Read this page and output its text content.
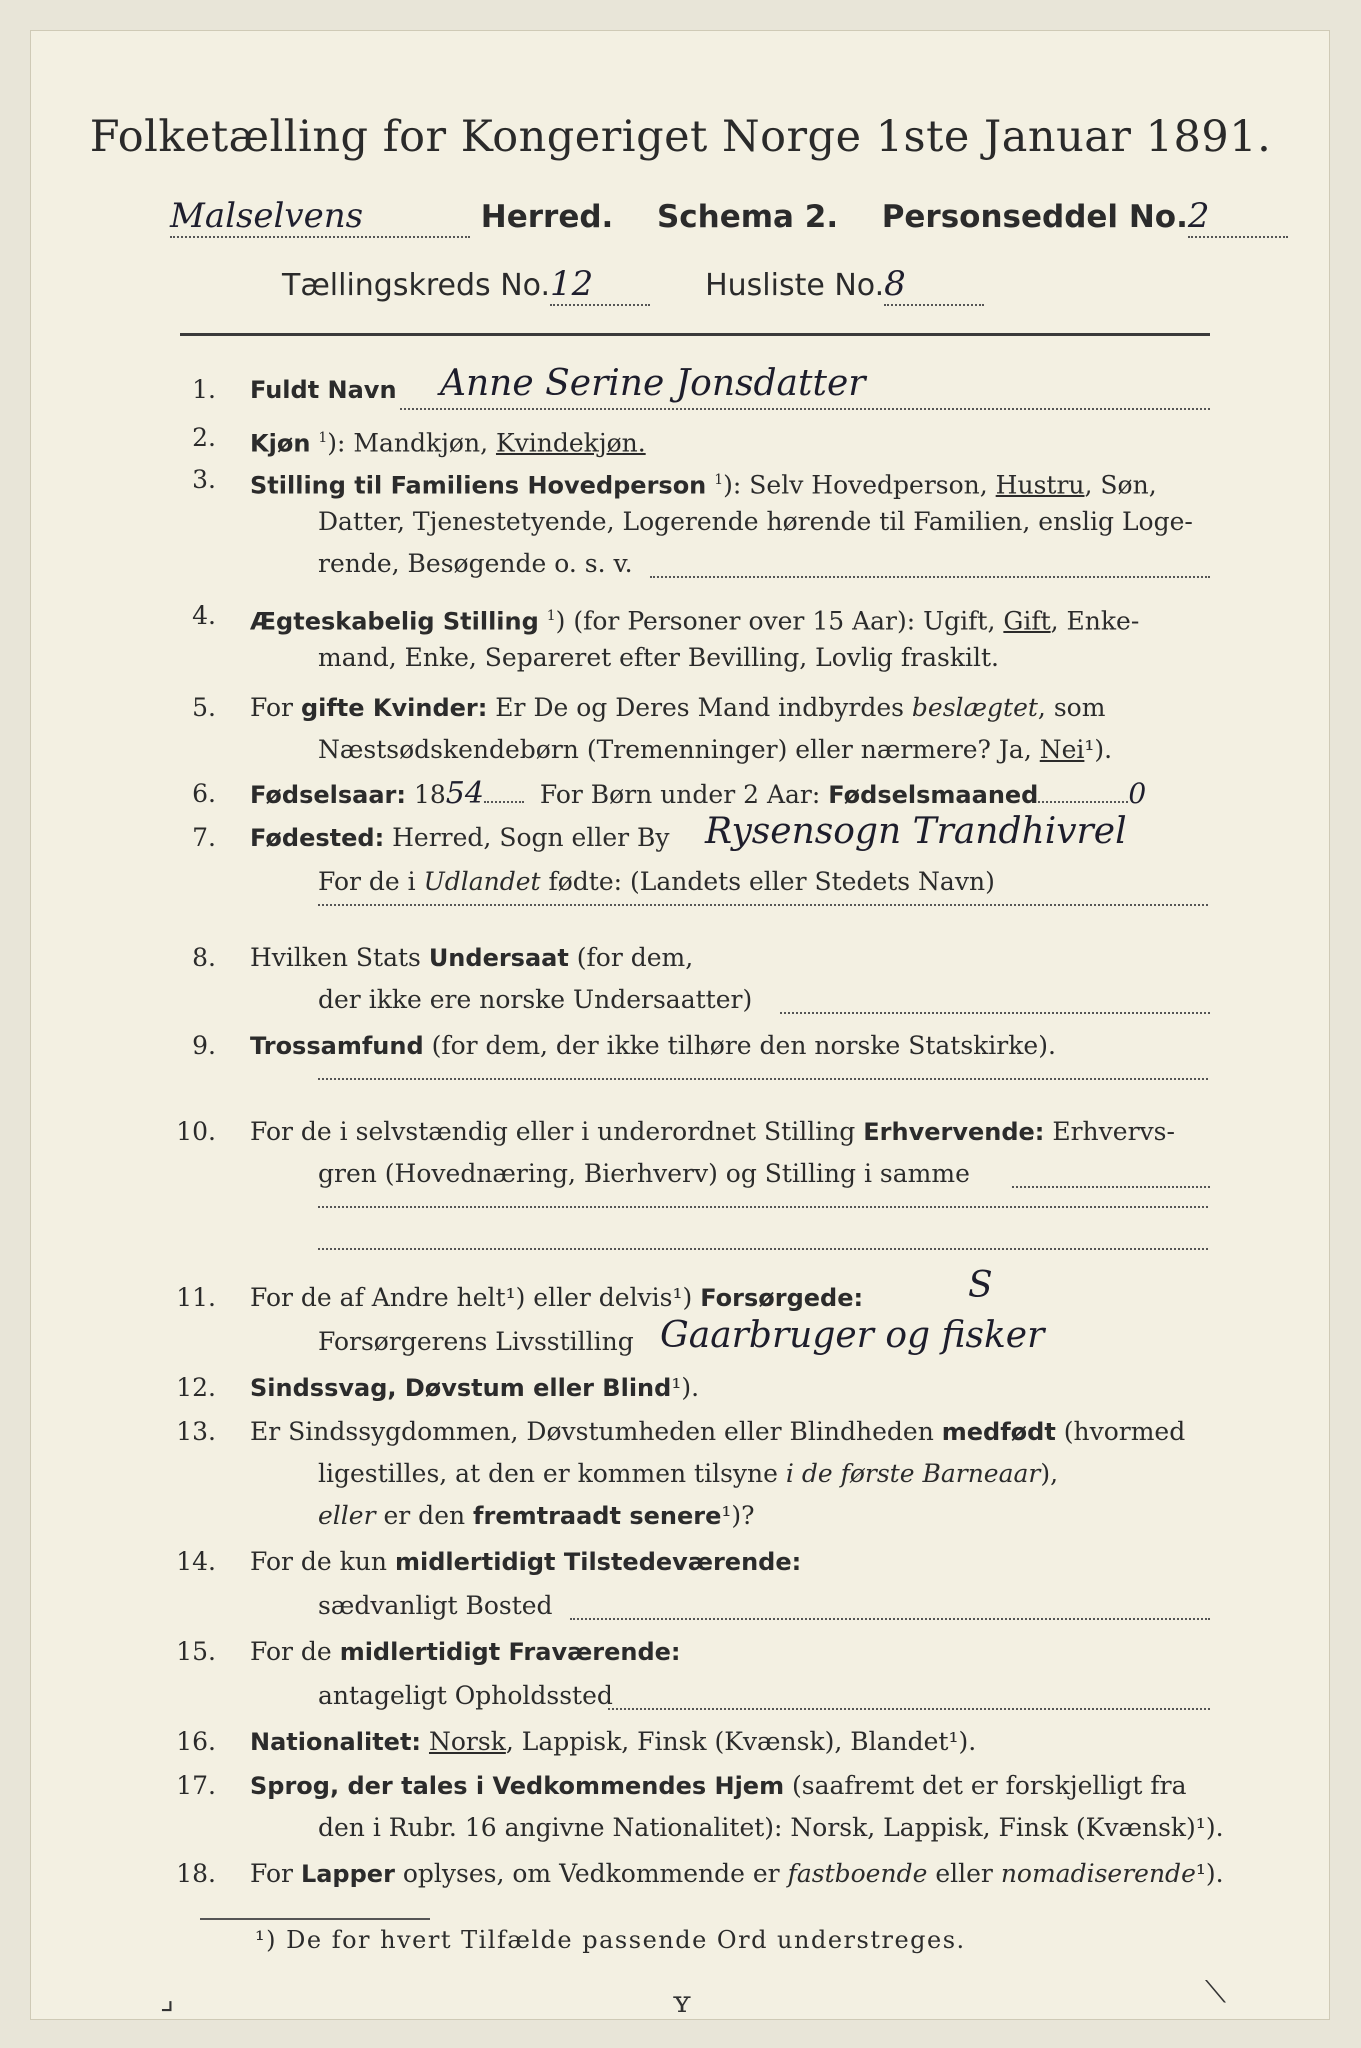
Folketælling for Kongeriget Norge 1ste Januar 1891.
Malselvens	Herred. Schema 2. Personseddel No.2
Tællingskreds No.12	Husliste No.8
1. Fuldt Navn Anne Serine Jonsdatter
2. Kjøn $^1$): Mandkjøn, Kvindekjøn.
3. Stilling til Familiens Hovedperson $^1$): Selv Hovedperson, Hustru, Søn,
Datter, Tjenestetyende, Logerende hørende til Familien, enslig Loge-
rende, Besøgende o. s. v.
4. Ægteskabelig Stilling $^1$) (for Personer over 15 Aar): Ugift, Gift, Enke-
mand, Enke, Separeret efter Bevilling, Lovlig fraskilt.
5. For gifte Kvinder: Er De og Deres Mand indbyrdes beslægtet, som
Næstsødskendebørn (Tremenninger) eller nærmere? Ja, Nei¹).
6. Fødselsaar: 1854 For Børn under 2 Aar: Fødselsmaaned	0
7. Fødested: Herred, Sogn eller By Rysensogn Trandhivrel
For de i Udlandet fødte: (Landets eller Stedets Navn)
8. Hvilken Stats Undersaat (for dem,
der ikke ere norske Undersaatter)
9. Trossamfund (for dem, der ikke tilhøre den norske Statskirke).
10. For de i selvstændig eller i underordnet Stilling Erhvervende: Erhvervs-
gren (Hovednæring, Bierhverv) og Stilling i samme
11. For de af Andre helt¹) eller delvis¹) Forsørgede:	S
Forsørgerens Livsstilling Gaarbruger og fisker
12. Sindssvag, Døvstum eller Blind¹).
13. Er Sindssygdommen, Døvstumheden eller Blindheden medfødt (hvormed
ligestilles, at den er kommen tilsyne i de første Barneaar),
eller er den fremtraadt senere¹)?
14. For de kun midlertidigt Tilstedeværende:
sædvanligt Bosted
15. For de midlertidigt Fraværende:
antageligt Opholdssted
16. Nationalitet: Norsk, Lappisk, Finsk (Kvænsk), Blandet¹).
17. Sprog, der tales i Vedkommendes Hjem (saafremt det er forskjelligt fra
den i Rubr. 16 angivne Nationalitet): Norsk, Lappisk, Finsk (Kvænsk)¹).
18. For Lapper oplyses, om Vedkommende er fastboende eller nomadiserende¹).
¹) De for hvert Tilfælde passende Ord understreges.
⌟	ʏ	⟍
